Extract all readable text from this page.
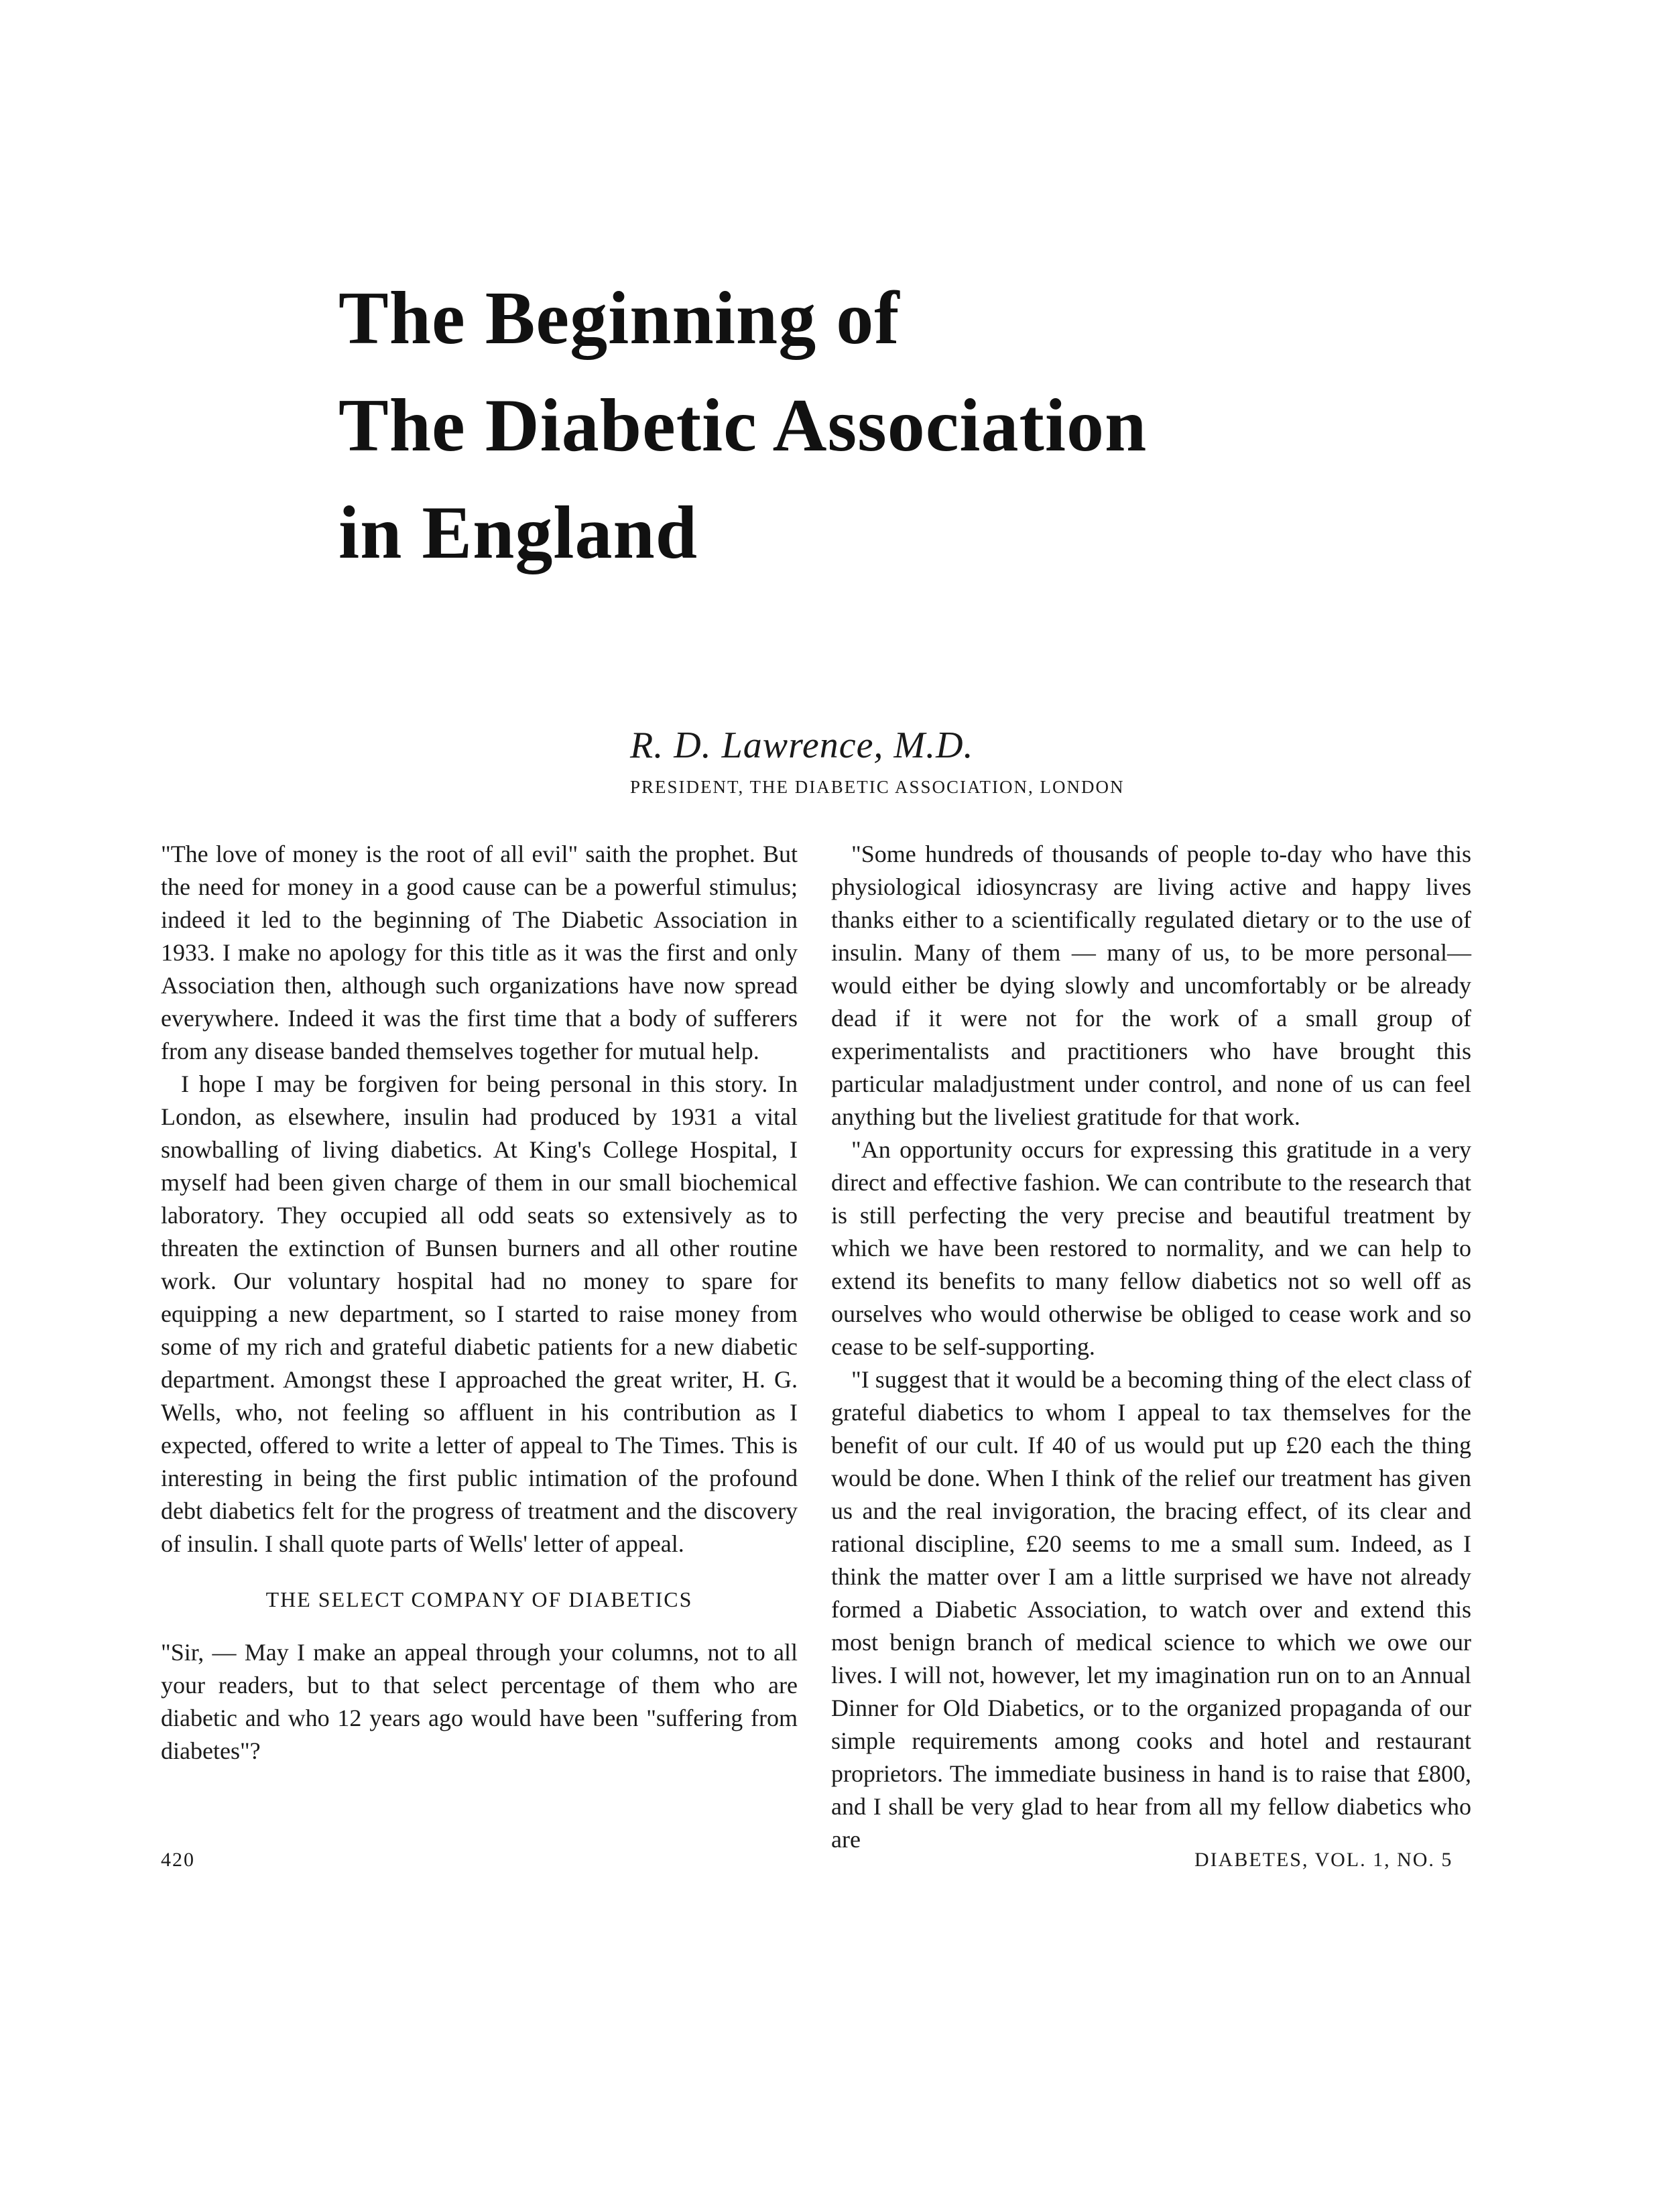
The Beginning of
The Diabetic Association
in England
R. D. Lawrence, M.D.
PRESIDENT, THE DIABETIC ASSOCIATION, LONDON

"The love of money is the root of all evil" saith the prophet. But the need for money in a good cause can be a powerful stimulus; indeed it led to the beginning of The Diabetic Association in 1933. I make no apology for this title as it was the first and only Association then, although such organizations have now spread everywhere. Indeed it was the first time that a body of sufferers from any disease banded themselves together for mutual help.

I hope I may be forgiven for being personal in this story. In London, as elsewhere, insulin had produced by 1931 a vital snowballing of living diabetics. At King's College Hospital, I myself had been given charge of them in our small biochemical laboratory. They occupied all odd seats so extensively as to threaten the extinction of Bunsen burners and all other routine work. Our voluntary hospital had no money to spare for equipping a new department, so I started to raise money from some of my rich and grateful diabetic patients for a new diabetic department. Amongst these I approached the great writer, H. G. Wells, who, not feeling so affluent in his contribution as I expected, offered to write a letter of appeal to The Times. This is interesting in being the first public intimation of the profound debt diabetics felt for the progress of treatment and the discovery of insulin. I shall quote parts of Wells' letter of appeal.

THE SELECT COMPANY OF DIABETICS

"Sir, — May I make an appeal through your columns, not to all your readers, but to that select percentage of them who are diabetic and who 12 years ago would have been "suffering from diabetes"?

"Some hundreds of thousands of people to-day who have this physiological idiosyncrasy are living active and happy lives thanks either to a scientifically regulated dietary or to the use of insulin. Many of them — many of us, to be more personal—would either be dying slowly and uncomfortably or be already dead if it were not for the work of a small group of experimentalists and practitioners who have brought this particular maladjustment under control, and none of us can feel anything but the liveliest gratitude for that work.

"An opportunity occurs for expressing this gratitude in a very direct and effective fashion. We can contribute to the research that is still perfecting the very precise and beautiful treatment by which we have been restored to normality, and we can help to extend its benefits to many fellow diabetics not so well off as ourselves who would otherwise be obliged to cease work and so cease to be self-supporting.

"I suggest that it would be a becoming thing of the elect class of grateful diabetics to whom I appeal to tax themselves for the benefit of our cult. If 40 of us would put up £20 each the thing would be done. When I think of the relief our treatment has given us and the real invigoration, the bracing effect, of its clear and rational discipline, £20 seems to me a small sum. Indeed, as I think the matter over I am a little surprised we have not already formed a Diabetic Association, to watch over and extend this most benign branch of medical science to which we owe our lives. I will not, however, let my imagination run on to an Annual Dinner for Old Diabetics, or to the organized propaganda of our simple requirements among cooks and hotel and restaurant proprietors. The immediate business in hand is to raise that £800, and I shall be very glad to hear from all my fellow diabetics who are

420	DIABETES, VOL. 1, NO. 5
